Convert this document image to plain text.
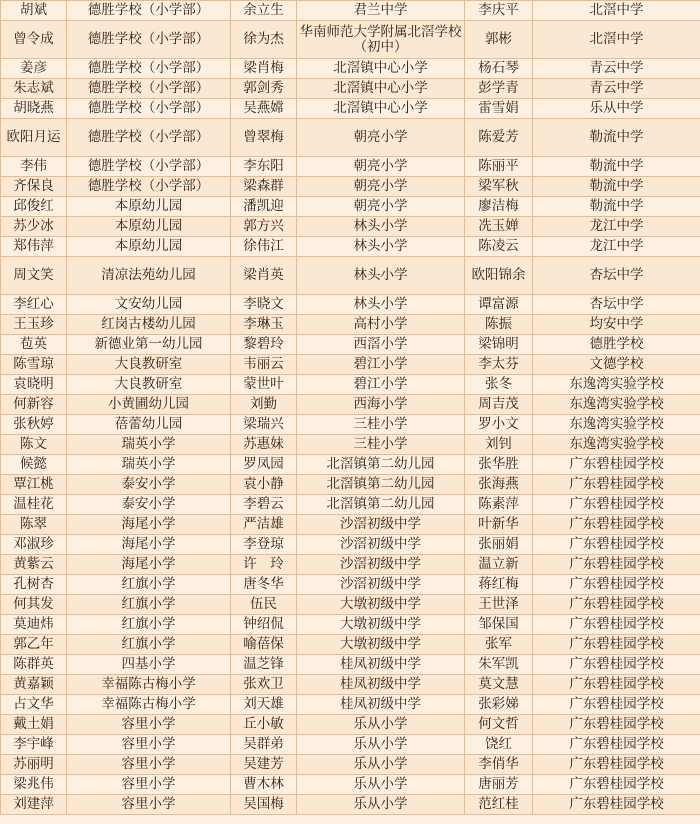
胡斌	德胜学校（小学部）	余立生	君兰中学	李庆平	北滘中学
曾令成	德胜学校（小学部）	徐为杰	华南师范大学附属北滘学校（初中）	郭彬	北滘中学
姜彦	德胜学校（小学部）	梁肖梅	北滘镇中心小学	杨石琴	青云中学
朱志斌	德胜学校（小学部）	郭剑秀	北滘镇中心小学	彭学青	青云中学
胡晓燕	德胜学校（小学部）	吴燕嫦	北滘镇中心小学	雷雪娟	乐从中学
欧阳月运	德胜学校（小学部）	曾翠梅	朝亮小学	陈爱芳	勒流中学
李伟	德胜学校（小学部）	李东阳	朝亮小学	陈丽平	勒流中学
齐保良	德胜学校（小学部）	梁森群	朝亮小学	梁军秋	勒流中学
邱俊红	本原幼儿园	潘凯迎	朝亮小学	廖洁梅	勒流中学
苏少冰	本原幼儿园	郭方兴	林头小学	冼玉婵	龙江中学
郑伟萍	本原幼儿园	徐伟江	林头小学	陈凌云	龙江中学
周文笑	清凉法苑幼儿园	梁肖英	林头小学	欧阳锦余	杏坛中学
李红心	文安幼儿园	李晓文	林头小学	谭富源	杏坛中学
王玉珍	红岗古楼幼儿园	李琳玉	高村小学	陈振	均安中学
苞英	新德业第一幼儿园	黎碧玲	西滘小学	梁锦明	德胜学校
陈雪琼	大良教研室	韦丽云	碧江小学	李太芬	文德学校
袁晓明	大良教研室	蒙世叶	碧江小学	张冬	东逸湾实验学校
何新容	小黄圃幼儿园	刘勤	西海小学	周吉茂	东逸湾实验学校
张秋婷	蓓蕾幼儿园	梁瑞兴	三桂小学	罗小文	东逸湾实验学校
陈文	瑞英小学	苏惠妹	三桂小学	刘钊	东逸湾实验学校
候懿	瑞英小学	罗凤园	北滘镇第二幼儿园	张华胜	广东碧桂园学校
覃江桃	泰安小学	袁小静	北滘镇第二幼儿园	张海燕	广东碧桂园学校
温桂花	泰安小学	李碧云	北滘镇第二幼儿园	陈素萍	广东碧桂园学校
陈翠	海尾小学	严洁雄	沙滘初级中学	叶新华	广东碧桂园学校
邓淑珍	海尾小学	李登琼	沙滘初级中学	张丽娟	广东碧桂园学校
黄紫云	海尾小学	许　玲	沙滘初级中学	温立新	广东碧桂园学校
孔树杏	红旗小学	唐冬华	沙滘初级中学	蒋红梅	广东碧桂园学校
何其发	红旗小学	伍民	大墩初级中学	王世泽	广东碧桂园学校
莫迪炜	红旗小学	钟绍侃	大墩初级中学	邹保国	广东碧桂园学校
郭乙年	红旗小学	喻蓓保	大墩初级中学	张军	广东碧桂园学校
陈群英	四基小学	温芝锋	桂凤初级中学	朱军凯	广东碧桂园学校
黄嘉颖	幸福陈古梅小学	张欢卫	桂凤初级中学	莫文慧	广东碧桂园学校
占文华	幸福陈古梅小学	刘天雄	桂凤初级中学	张彩娣	广东碧桂园学校
戴土娟	容里小学	丘小敏	乐从小学	何文哲	广东碧桂园学校
李宇峰	容里小学	吴群弟	乐从小学	饶红	广东碧桂园学校
苏丽明	容里小学	吴建芳	乐从小学	李俏华	广东碧桂园学校
梁兆伟	容里小学	曹木林	乐从小学	唐丽芳	广东碧桂园学校
刘建萍	容里小学	吴国梅	乐从小学	范红桂	广东碧桂园学校
